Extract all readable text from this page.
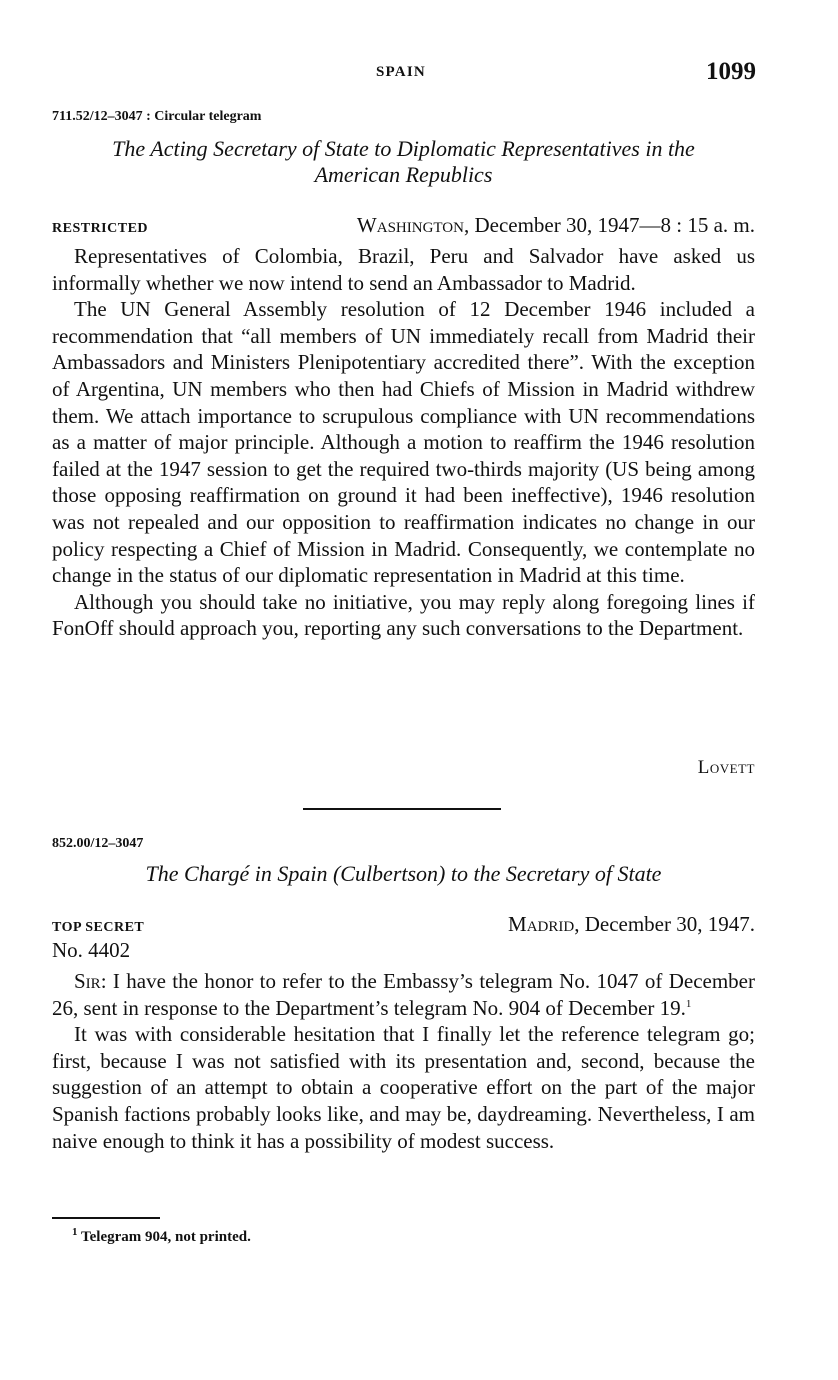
SPAIN	1099
711.52/12–3047 : Circular telegram
The Acting Secretary of State to Diplomatic Representatives in the
American Republics
RESTRICTED	Washington, December 30, 1947—8 : 15 a. m.

Representatives of Colombia, Brazil, Peru and Salvador have asked us informally whether we now intend to send an Ambassador to Madrid.

The UN General Assembly resolution of 12 December 1946 included a recommendation that “all members of UN immediately recall from Madrid their Ambassadors and Ministers Plenipotentiary accredited there”. With the exception of Argentina, UN members who then had Chiefs of Mission in Madrid withdrew them. We attach importance to scrupulous compliance with UN recommendations as a matter of major principle. Although a motion to reaffirm the 1946 resolution failed at the 1947 session to get the required two-thirds majority (US being among those opposing reaffirmation on ground it had been ineffective), 1946 resolution was not repealed and our opposition to reaffirmation indicates no change in our policy respecting a Chief of Mission in Madrid. Consequently, we contemplate no change in the status of our diplomatic representation in Madrid at this time.

Although you should take no initiative, you may reply along foregoing lines if FonOff should approach you, reporting any such conversations to the Department.

Lovett
852.00/12–3047
The Chargé in Spain (Culbertson) to the Secretary of State
TOP SECRET	Madrid, December 30, 1947.
No. 4402

Sir: I have the honor to refer to the Embassy’s telegram No. 1047 of December 26, sent in response to the Department’s telegram No. 904 of December 19.$^1$

It was with considerable hesitation that I finally let the reference telegram go; first, because I was not satisfied with its presentation and, second, because the suggestion of an attempt to obtain a cooperative effort on the part of the major Spanish factions probably looks like, and may be, daydreaming. Nevertheless, I am naive enough to think it has a possibility of modest success.

$^1$ Telegram 904, not printed.
